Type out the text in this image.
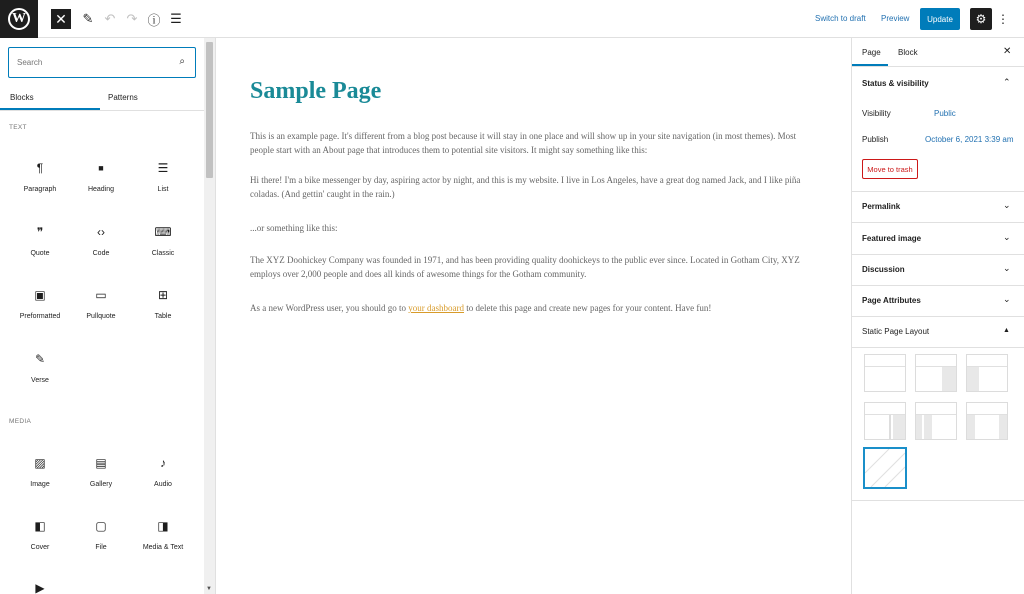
W ✕	✎ ↶ ↷ ⓘ ☰	Switch to draft Preview	Update	⚙ ⋮
Search
⌕
Blocks	Patterns
TEXT
¶
Paragraph
■
Heading
☰
List
❞
Quote
‹›
Code
⌨
Classic
▣
Preformatted
▭
Pullquote
⊞
Table
✎
Verse
MEDIA
▨
Image
▤
Gallery
♪
Audio
◧
Cover
▢
File
◨
Media & Text
▶	▼
Sample Page
This is an example page. It's different from a blog post because it will stay in one place and will show up in your site navigation (in most themes). Most people start with an About page that introduces them to potential site visitors. It might say something like this:
Hi there! I'm a bike messenger by day, aspiring actor by night, and this is my website. I live in Los Angeles, have a great dog named Jack, and I like piña coladas. (And gettin' caught in the rain.)
...or something like this:
The XYZ Doohickey Company was founded in 1971, and has been providing quality doohickeys to the public ever since. Located in Gotham City, XYZ employs over 2,000 people and does all kinds of awesome things for the Gotham community.
As a new WordPress user, you should go to your dashboard to delete this page and create new pages for your content. Have fun!
Page Block	✕
Status & visibility	⌃
Visibility	Public
Publish	October 6, 2021 3:39 am
Move to trash
Permalink	⌄
Featured image	⌄
Discussion	⌄
Page Attributes	⌄
Static Page Layout	▲
